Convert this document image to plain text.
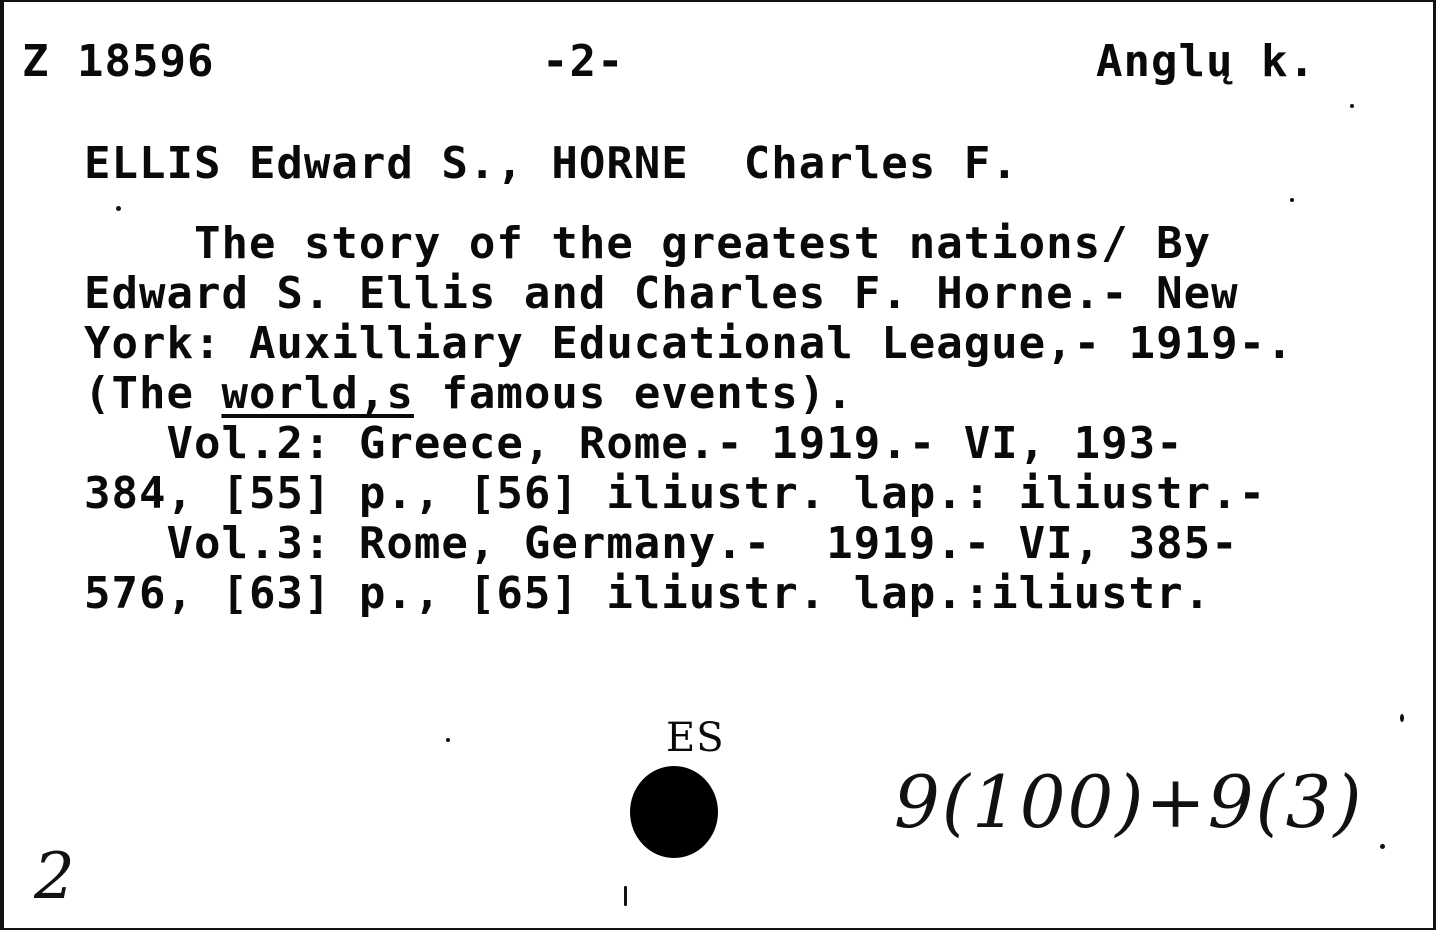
Z 18596	-2-	Anglų k.
ELLIS Edward S., HORNE  Charles F.
The story of the greatest nations/ By
Edward S. Ellis and Charles F. Horne.- New
York: Auxilliary Educational League,- 1919-.
(The world,s famous events).
Vol.2: Greece, Rome.- 1919.- VI, 193-
384, [55] p., [56] iliustr. lap.: iliustr.-
Vol.3: Rome, Germany.-  1919.- VI, 385-
576, [63] p., [65] iliustr. lap.:iliustr.
ES
9(100)+9(3)
2
